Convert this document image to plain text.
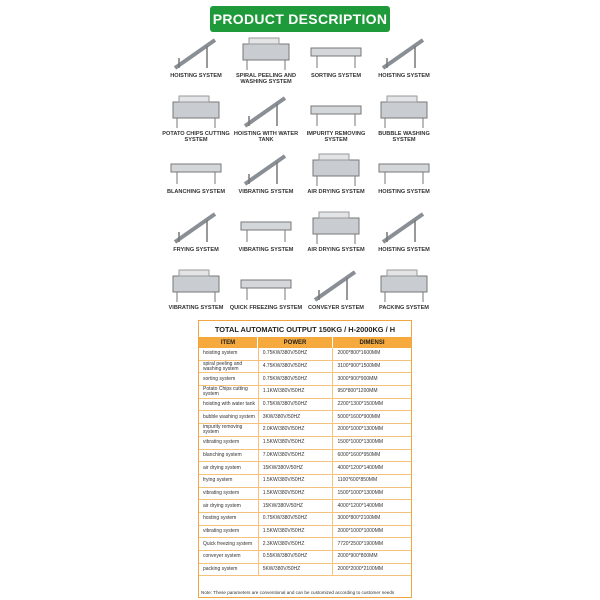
PRODUCT DESCRIPTION
HOISTING SYSTEM	SPIRAL PEELING AND WASHING SYSTEM
SORTING SYSTEM	HOISTING SYSTEM
BUBBLE WASHING SYSTEM
IMPURITY REMOVING SYSTEM
HOISTING WITH WATER TANK
POTATO CHIPS CUTTING SYSTEM
BLANCHING SYSTEM	VIBRATING SYSTEM	AIR DRYING SYSTEM	HOISTING SYSTEM
HOISTING SYSTEM
AIR DRYING SYSTEM
VIBRATING SYSTEM
FRYING SYSTEM
VIBRATING SYSTEM	QUICK FREEZING SYSTEM	CONVEYER SYSTEM	PACKING SYSTEM
TOTAL AUTOMATIC OUTPUT 150KG / H-2000KG / H
ITEM	POWER	DIMENSI
hoisting system	0.75KW/380V/50HZ	2000*800*1600MM
spiral peeling and washing system	4.75KW/380V/50HZ	3100*900*1500MM
sorting system	0.75KW/380V/50HZ	3000*900*900MM
Potato Chips cutting system	1.1KW/380V/50HZ	950*800*1200MM
hoisting with water tank	0.75KW/380V/50HZ	2200*1300*1500MM
bubble washing system	3KW/380V/50HZ	5000*1600*900MM
impurity removing system	2.0KW/380V/50HZ	2000*1000*1300MM
vibrating system	1.5KW/380V/50HZ	1500*1000*1300MM
blanching system	7.0KW/380V/50HZ	6000*1600*950MM
air drying system	15KW/380V/50HZ	4000*1200*1400MM
frying system	1.5KW/380V/50HZ	1100*600*850MM
vibrating system	1.5KW/380V/50HZ	1500*1000*1300MM
air drying system	15KW/380V/50HZ	4000*1200*1400MM
hosting system	0.75KW/380V/50HZ	3000*800*2100MM
vibrating system	1.5KW/380V/50HZ	2000*1000*1000MM
Quick freezing system	2.3KW/380V/50HZ	7720*2500*1900MM
conveyer system	0.55KW/380V/50HZ	2000*900*800MM
packing system	5KW/380V/50HZ	2000*2000*2100MM
Note: These parameters are conventional and can be customized according to customer needs
